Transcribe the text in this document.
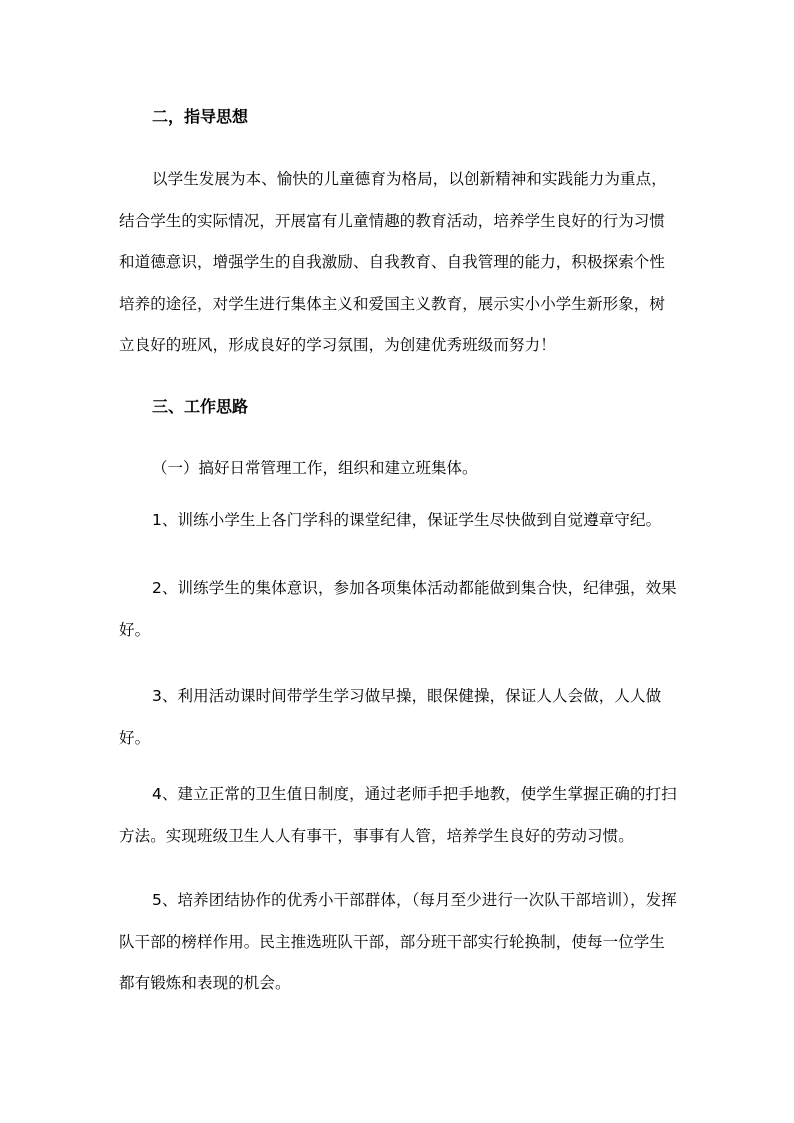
二，指导思想

以学生发展为本、愉快的儿童德育为格局，以创新精神和实践能力为重点，结合学生的实际情况，开展富有儿童情趣的教育活动，培养学生良好的行为习惯和道德意识，增强学生的自我激励、自我教育、自我管理的能力，积极探索个性培养的途径，对学生进行集体主义和爱国主义教育，展示实小小学生新形象，树立良好的班风，形成良好的学习氛围，为创建优秀班级而努力！

三、工作思路

（一）搞好日常管理工作，组织和建立班集体。

1、训练小学生上各门学科的课堂纪律，保证学生尽快做到自觉遵章守纪。

2、训练学生的集体意识，参加各项集体活动都能做到集合快，纪律强，效果好。

3、利用活动课时间带学生学习做早操，眼保健操，保证人人会做，人人做好。

4、建立正常的卫生值日制度，通过老师手把手地教，使学生掌握正确的打扫方法。实现班级卫生人人有事干，事事有人管，培养学生良好的劳动习惯。

5、培养团结协作的优秀小干部群体，（每月至少进行一次队干部培训），发挥队干部的榜样作用。民主推选班队干部，部分班干部实行轮换制，使每一位学生都有锻炼和表现的机会。
